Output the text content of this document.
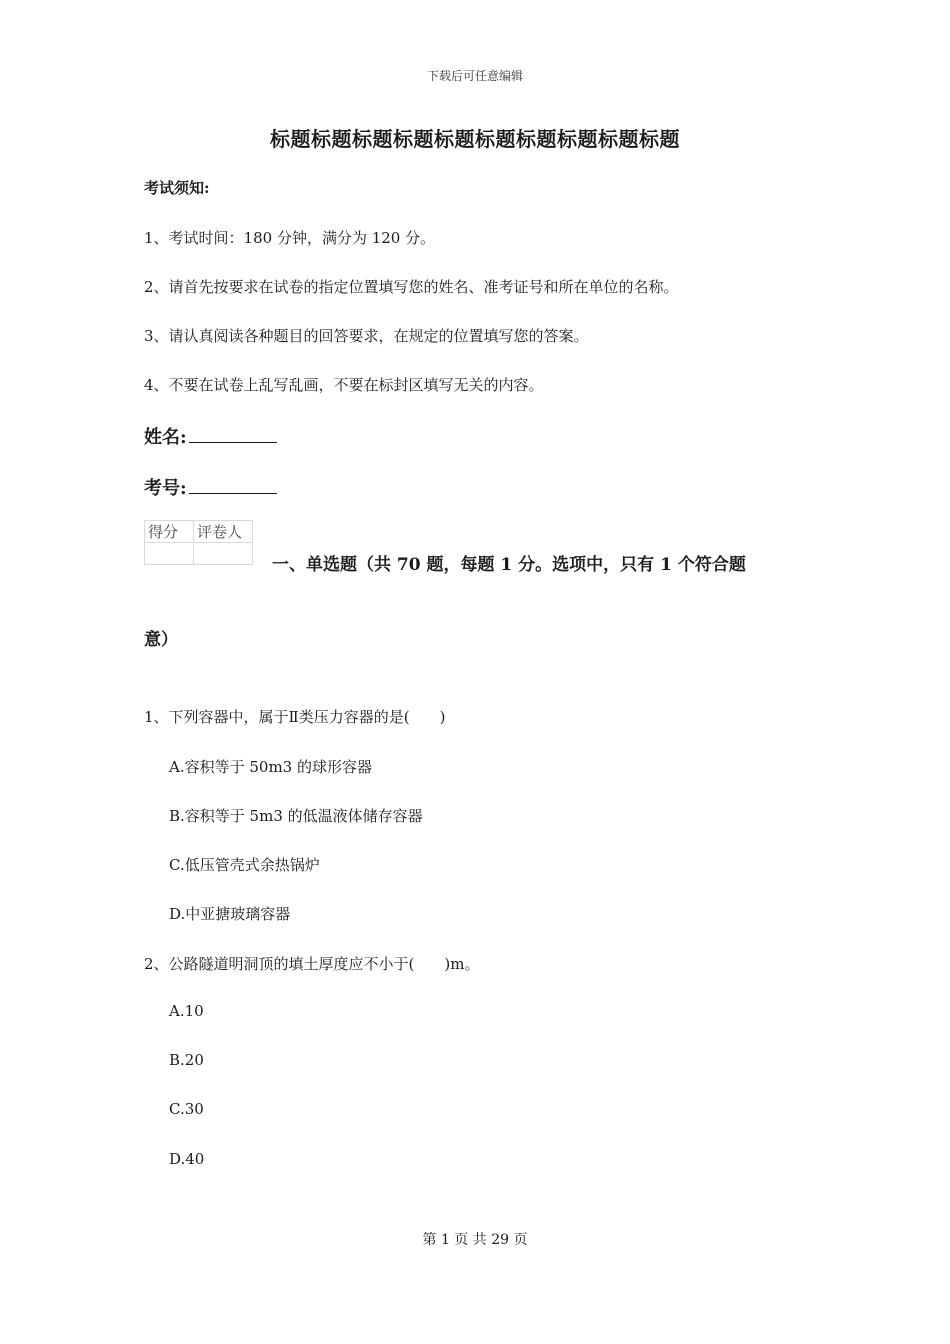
下载后可任意编辑
标题标题标题标题标题标题标题标题标题标题
考试须知:
1、考试时间：180 分钟，满分为 120 分。
2、请首先按要求在试卷的指定位置填写您的姓名、准考证号和所在单位的名称。
3、请认真阅读各种题目的回答要求，在规定的位置填写您的答案。
4、不要在试卷上乱写乱画，不要在标封区填写无关的内容。
姓名:
考号:
得分	评卷人

一、单选题（共 70 题，每题 1 分。选项中，只有 1 个符合题
意）
1、下列容器中，属于Ⅱ类压力容器的是(　　)
A.容积等于 50m3 的球形容器
B.容积等于 5m3 的低温液体储存容器
C.低压管壳式余热锅炉
D.中亚搪玻璃容器
2、公路隧道明洞顶的填土厚度应不小于(　　)m。
A.10
B.20
C.30
D.40
第 1 页 共 29 页
